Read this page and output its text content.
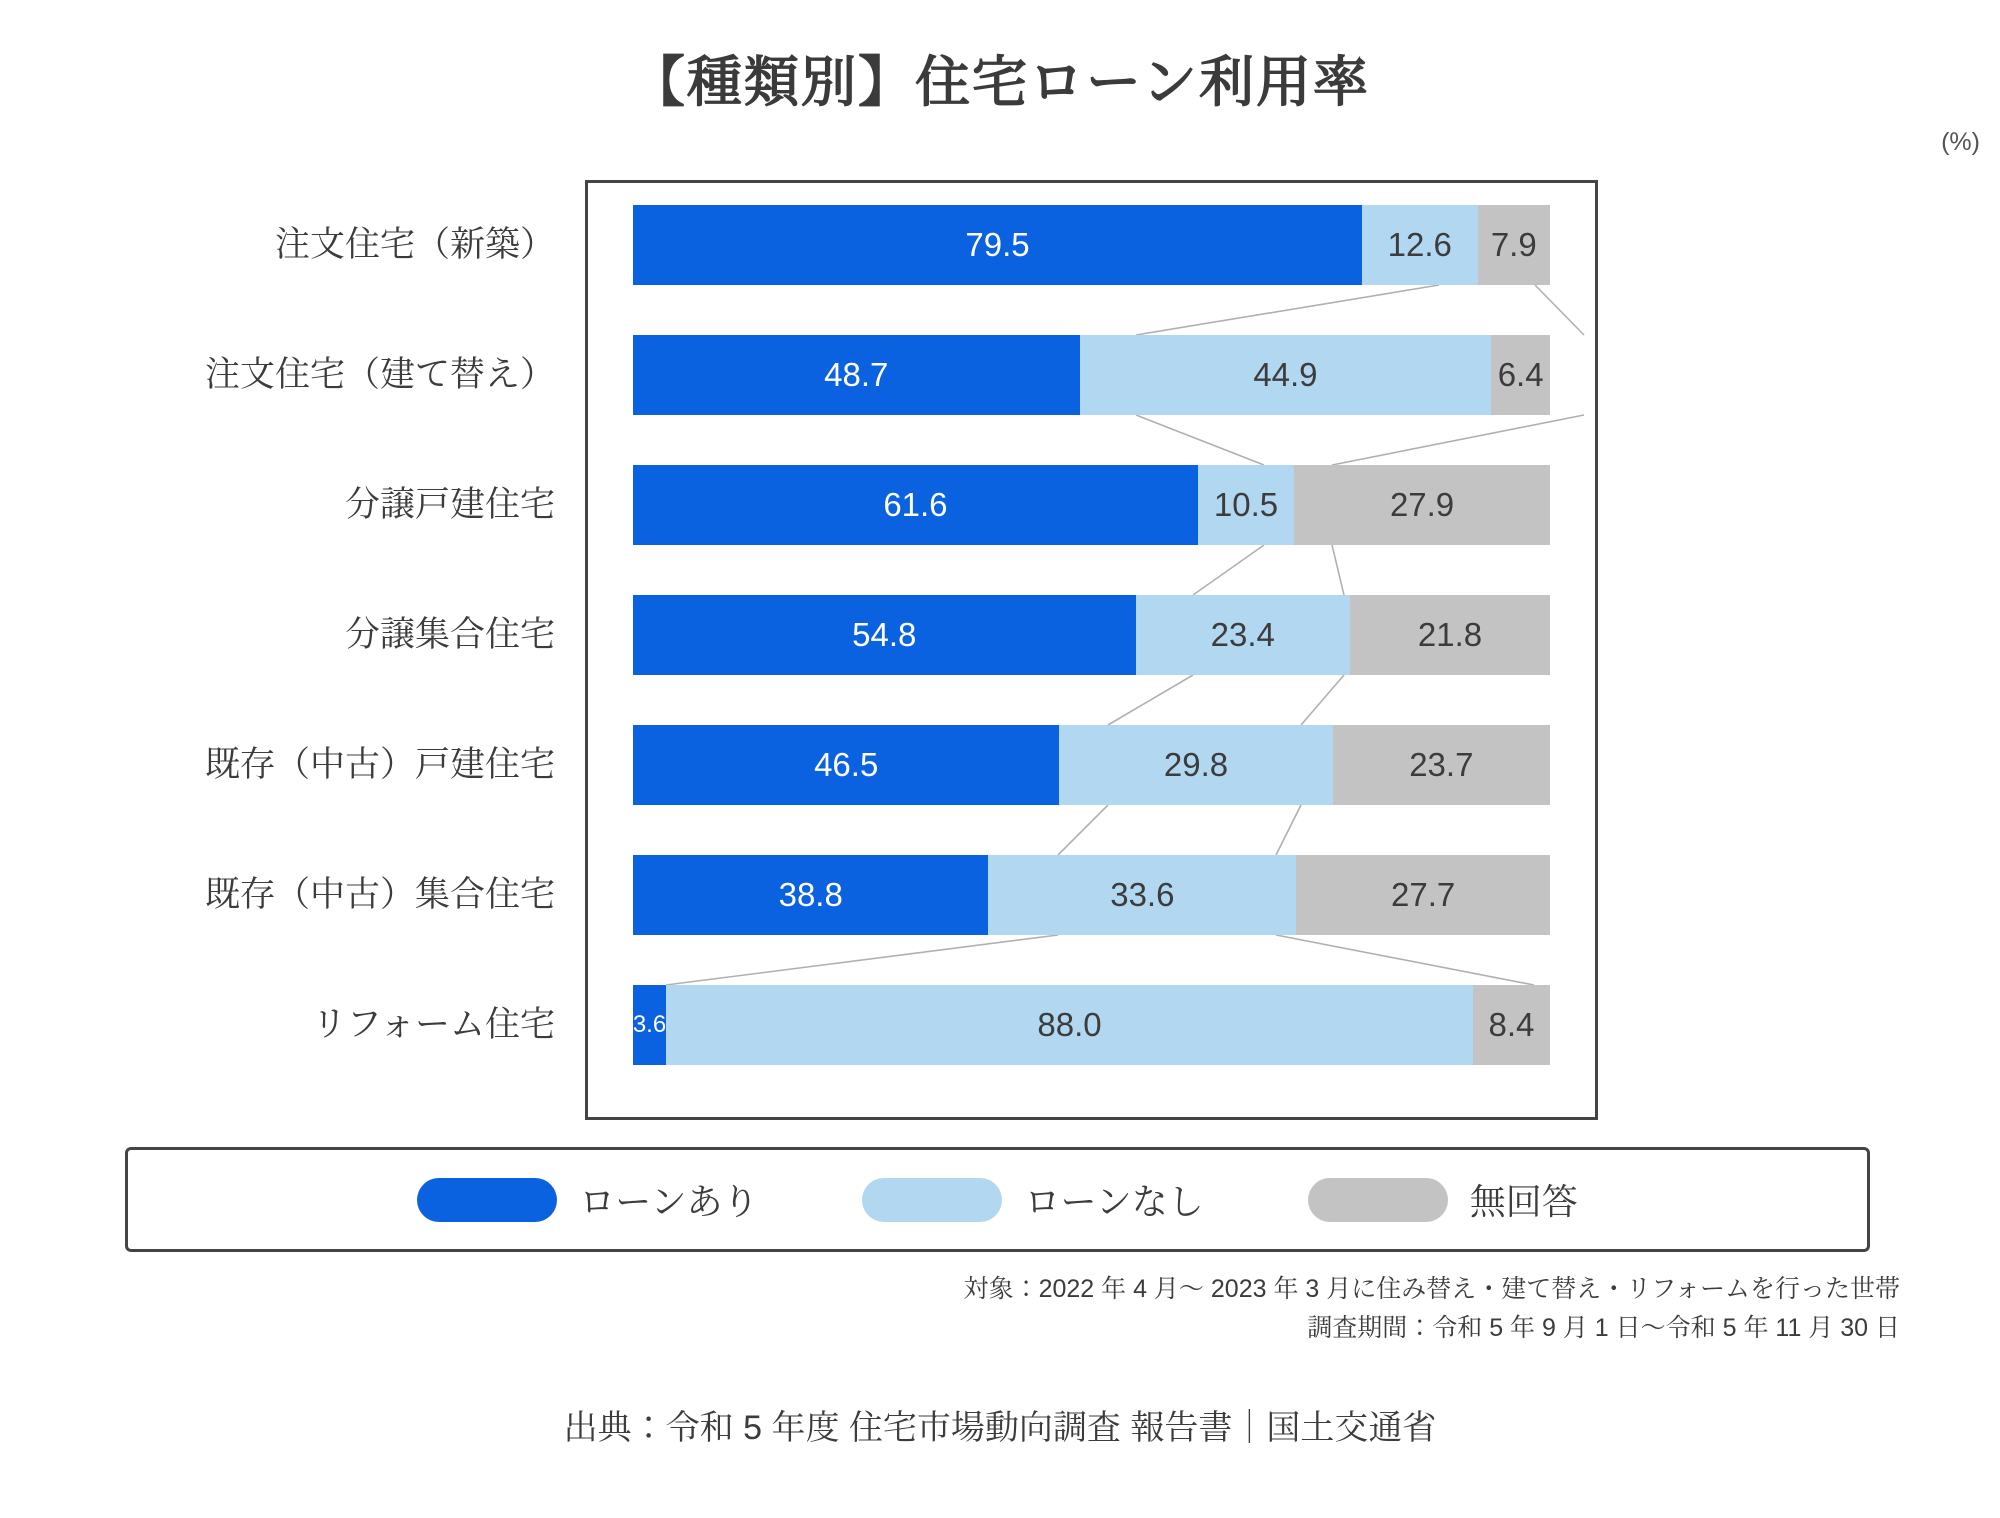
【種類別】住宅ローン利用率
(%)
注文住宅（新築）	79.5	12.6	7.9
注文住宅（建て替え）	48.7	44.9	6.4
分譲戸建住宅	61.6	10.5	27.9
分譲集合住宅	54.8	23.4	21.8
既存（中古）戸建住宅	46.5	29.8	23.7
既存（中古）集合住宅	38.8	33.6	27.7
リフォーム住宅	3.6	88.0	8.4
ローンあり	ローンなし	無回答
対象：2022 年 4 月〜 2023 年 3 月に住み替え・建て替え・リフォームを行った世帯
調査期間：令和 5 年 9 月 1 日〜令和 5 年 11 月 30 日
出典：令和 5 年度 住宅市場動向調査 報告書｜国土交通省
